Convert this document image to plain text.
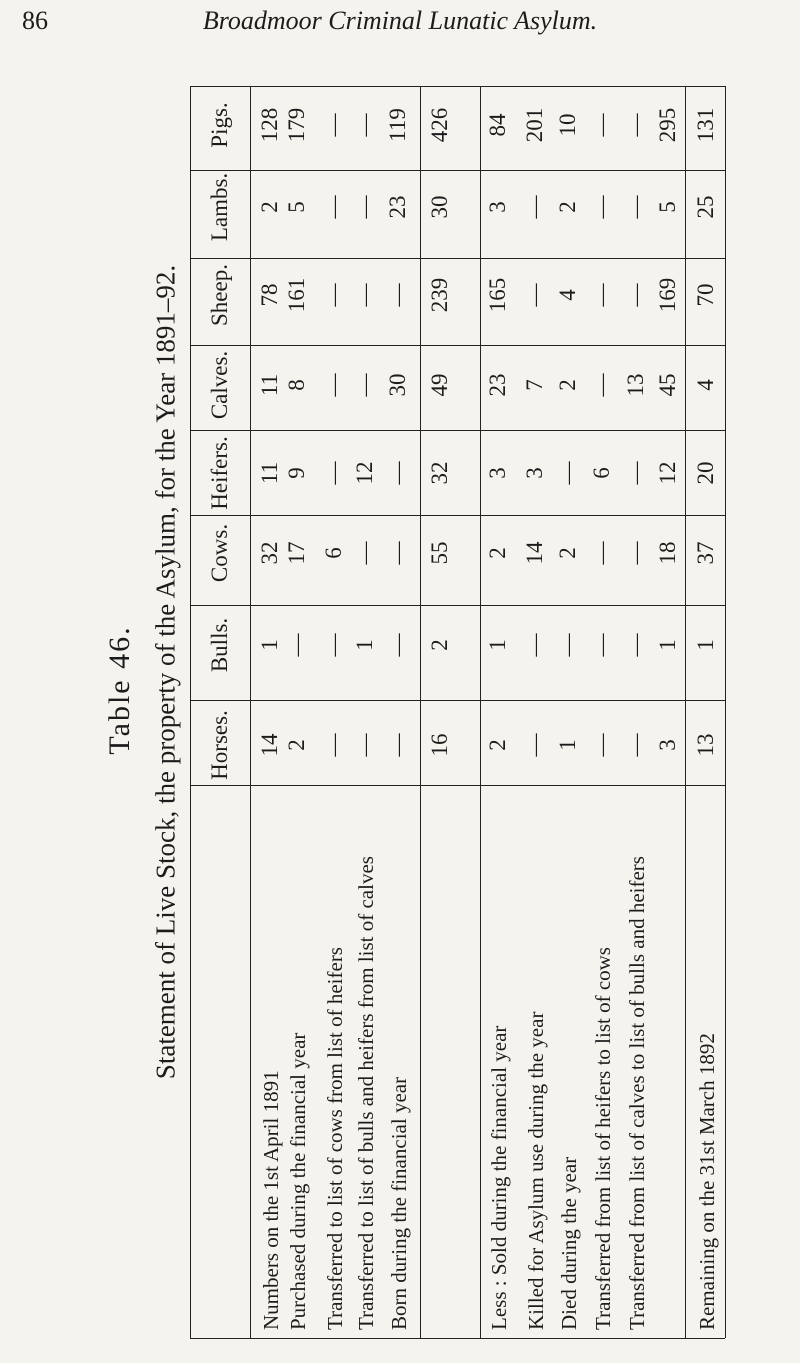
86	Broadmoor Criminal Lunatic Asylum.
Table 46. Statement of Live Stock, the property of the Asylum, for the Year 1891–92. Horses.
Bulls.
Cows.
Heifers.
Calves.
Sheep.
Lambs.
Pigs.
Numbers on the 1st April 1891
14
1
32
11
11
78
2
128
Purchased during the financial year
2
—
17
9
8
161
5
179
Transferred to list of cows from list of heifers
—
—
6
—
—
—
—
—
Transferred to list of bulls and heifers from list of calves
—
1
—
12
—
—
—
—
Born during the financial year
—
—
—
—
30
—
23
119
16
2
55
32
49
239
30
426
Less : Sold during the financial year
2
1
2
3
23
165
3
84
Killed for Asylum use during the year
—
—
14
3
7
—
—
201
Died during the year
1
—
2
—
2
4
2
10
Transferred from list of heifers to list of cows
—
—
—
6
—
—
—
—
Transferred from list of calves to list of bulls and heifers
—
—
—
—
13
—
—
—
3
1
18
12
45
169
5
295
Remaining on the 31st March 1892
13
1
37
20
4
70
25
131
